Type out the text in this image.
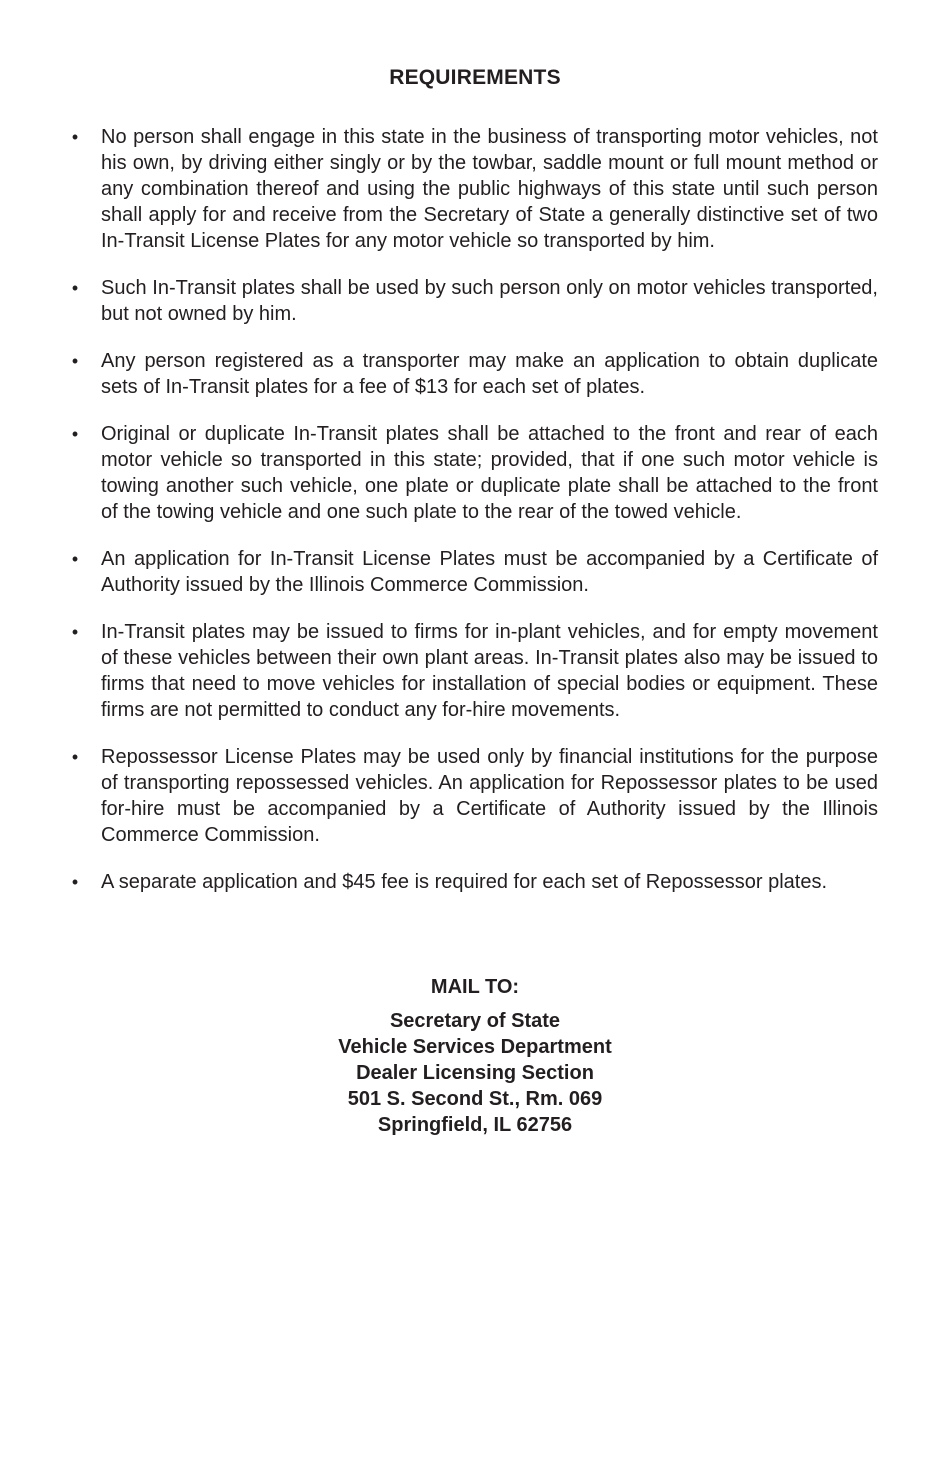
REQUIREMENTS
• No person shall engage in this state in the business of transporting motor vehicles, not his own, by driving either singly or by the towbar, saddle mount or full mount method or any combination thereof and using the public highways of this state until such person shall apply for and receive from the Secretary of State a generally distinctive set of two In-Transit License Plates for any motor vehicle so transported by him.
• Such In-Transit plates shall be used by such person only on motor vehicles transported, but not owned by him.
• Any person registered as a transporter may make an application to obtain duplicate sets of In-Transit plates for a fee of $13 for each set of plates.
• Original or duplicate In-Transit plates shall be attached to the front and rear of each motor vehicle so transported in this state; provided, that if one such motor vehicle is towing another such vehicle, one plate or duplicate plate shall be attached to the front of the towing vehicle and one such plate to the rear of the towed vehicle.
• An application for In-Transit License Plates must be accompanied by a Certificate of Authority issued by the Illinois Commerce Commission.
• In-Transit plates may be issued to firms for in-plant vehicles, and for empty movement of these vehicles between their own plant areas. In-Transit plates also may be issued to firms that need to move vehicles for installation of special bodies or equipment. These firms are not permitted to conduct any for-hire movements.
• Repossessor License Plates may be used only by financial institutions for the purpose of transporting repossessed vehicles. An application for Repossessor plates to be used for-hire must be accompanied by a Certificate of Authority issued by the Illinois Commerce Commission.
• A separate application and $45 fee is required for each set of Repossessor plates.
MAIL TO:
Secretary of State
Vehicle Services Department
Dealer Licensing Section
501 S. Second St., Rm. 069
Springfield, IL 62756
